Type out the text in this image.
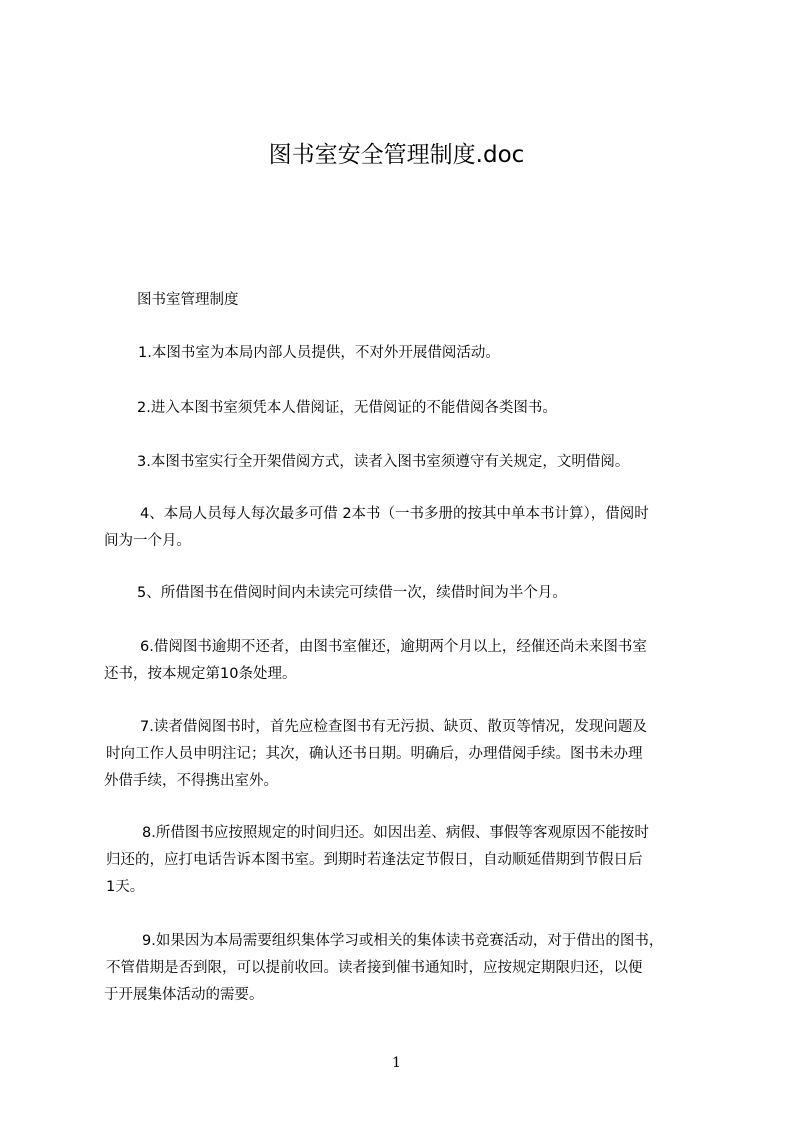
图书室安全管理制度.doc
图书室管理制度
1.本图书室为本局内部人员提供，不对外开展借阅活动。
2.进入本图书室须凭本人借阅证，无借阅证的不能借阅各类图书。
3.本图书室实行全开架借阅方式，读者入图书室须遵守有关规定，文明借阅。
4、本局人员每人每次最多可借 2本书（一书多册的按其中单本书计算），借阅时
间为一个月。
5、所借图书在借阅时间内未读完可续借一次，续借时间为半个月。
6.借阅图书逾期不还者，由图书室催还，逾期两个月以上，经催还尚未来图书室
还书，按本规定第10条处理。
7.读者借阅图书时，首先应检查图书有无污损、缺页、散页等情况，发现问题及
时向工作人员申明注记；其次，确认还书日期。明确后，办理借阅手续。图书未办理
外借手续，不得携出室外。
8.所借图书应按照规定的时间归还。如因出差、病假、事假等客观原因不能按时
归还的，应打电话告诉本图书室。到期时若逢法定节假日，自动顺延借期到节假日后
1天。
9.如果因为本局需要组织集体学习或相关的集体读书竞赛活动，对于借出的图书，
不管借期是否到限，可以提前收回。读者接到催书通知时，应按规定期限归还，以便
于开展集体活动的需要。
1
